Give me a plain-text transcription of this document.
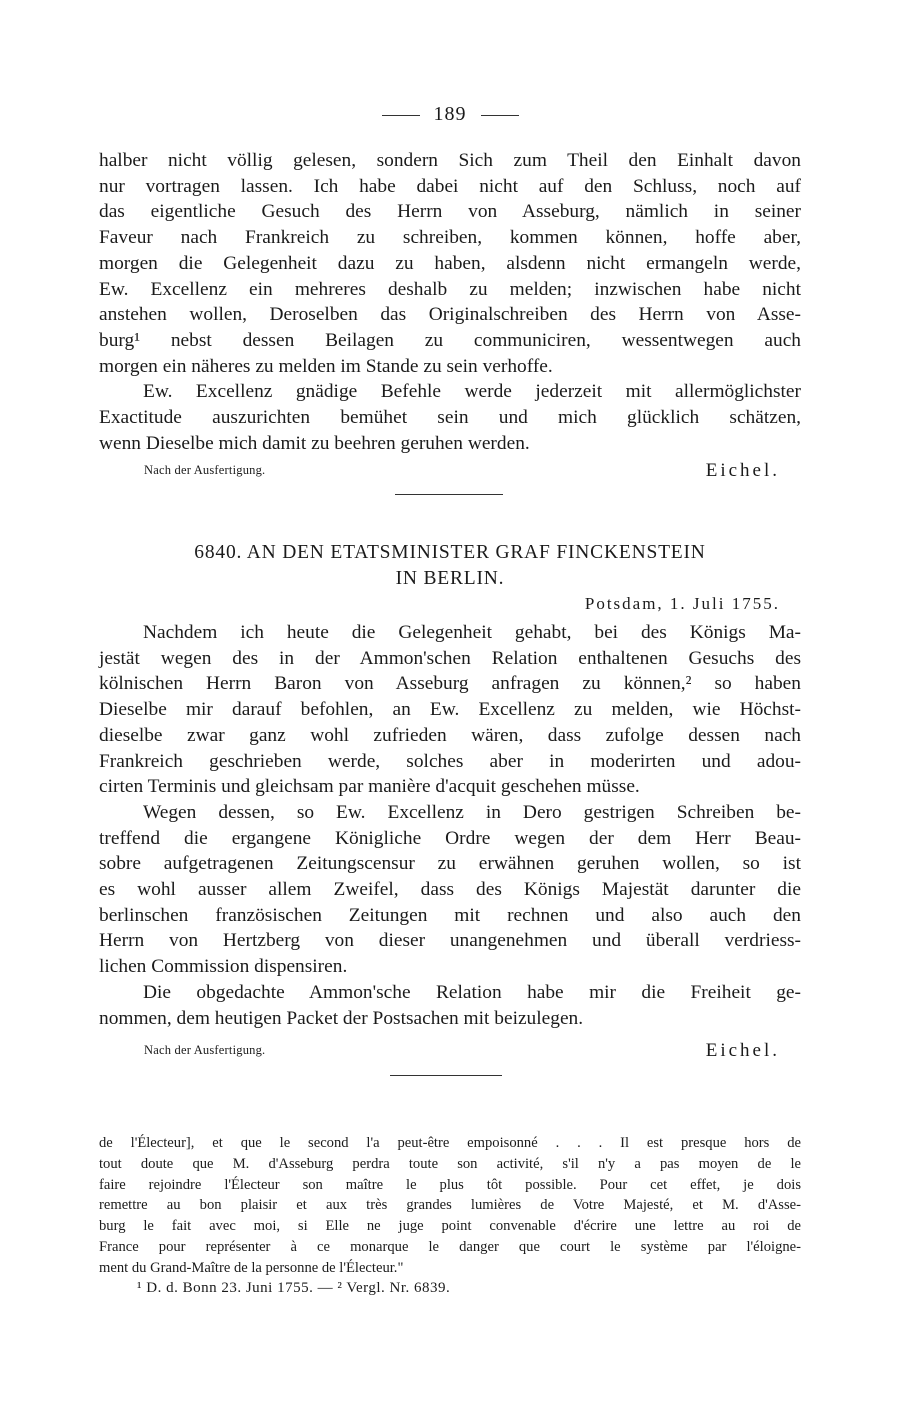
189
halber nicht völlig gelesen, sondern Sich zum Theil den Einhalt davon
nur vortragen lassen. Ich habe dabei nicht auf den Schluss, noch auf
das eigentliche Gesuch des Herrn von Asseburg, nämlich in seiner
Faveur nach Frankreich zu schreiben, kommen können, hoffe aber,
morgen die Gelegenheit dazu zu haben, alsdenn nicht ermangeln werde,
Ew. Excellenz ein mehreres deshalb zu melden; inzwischen habe nicht
anstehen wollen, Deroselben das Originalschreiben des Herrn von Asse-
burg¹ nebst dessen Beilagen zu communiciren, wessentwegen auch
morgen ein näheres zu melden im Stande zu sein verhoffe.
Ew. Excellenz gnädige Befehle werde jederzeit mit allermöglichster
Exactitude auszurichten bemühet sein und mich glücklich schätzen,
wenn Dieselbe mich damit zu beehren geruhen werden.
Nach der Ausfertigung.	Eichel.
6840. AN DEN ETATSMINISTER GRAF FINCKENSTEIN
IN BERLIN.
Potsdam, 1. Juli 1755.
Nachdem ich heute die Gelegenheit gehabt, bei des Königs Ma-
jestät wegen des in der Ammon'schen Relation enthaltenen Gesuchs des
kölnischen Herrn Baron von Asseburg anfragen zu können,² so haben
Dieselbe mir darauf befohlen, an Ew. Excellenz zu melden, wie Höchst-
dieselbe zwar ganz wohl zufrieden wären, dass zufolge dessen nach
Frankreich geschrieben werde, solches aber in moderirten und adou-
cirten Terminis und gleichsam par manière d'acquit geschehen müsse.
Wegen dessen, so Ew. Excellenz in Dero gestrigen Schreiben be-
treffend die ergangene Königliche Ordre wegen der dem Herr Beau-
sobre aufgetragenen Zeitungscensur zu erwähnen geruhen wollen, so ist
es wohl ausser allem Zweifel, dass des Königs Majestät darunter die
berlinschen französischen Zeitungen mit rechnen und also auch den
Herrn von Hertzberg von dieser unangenehmen und überall verdriess-
lichen Commission dispensiren.
Die obgedachte Ammon'sche Relation habe mir die Freiheit ge-
nommen, dem heutigen Packet der Postsachen mit beizulegen.
Nach der Ausfertigung.	Eichel.
de l'Électeur], et que le second l'a peut-être empoisonné . . . Il est presque hors de
tout doute que M. d'Asseburg perdra toute son activité, s'il n'y a pas moyen de le
faire rejoindre l'Électeur son maître le plus tôt possible. Pour cet effet, je dois
remettre au bon plaisir et aux très grandes lumières de Votre Majesté, et M. d'Asse-
burg le fait avec moi, si Elle ne juge point convenable d'écrire une lettre au roi de
France pour représenter à ce monarque le danger que court le système par l'éloigne-
ment du Grand-Maître de la personne de l'Électeur."
¹ D. d. Bonn 23. Juni 1755. — ² Vergl. Nr. 6839.
